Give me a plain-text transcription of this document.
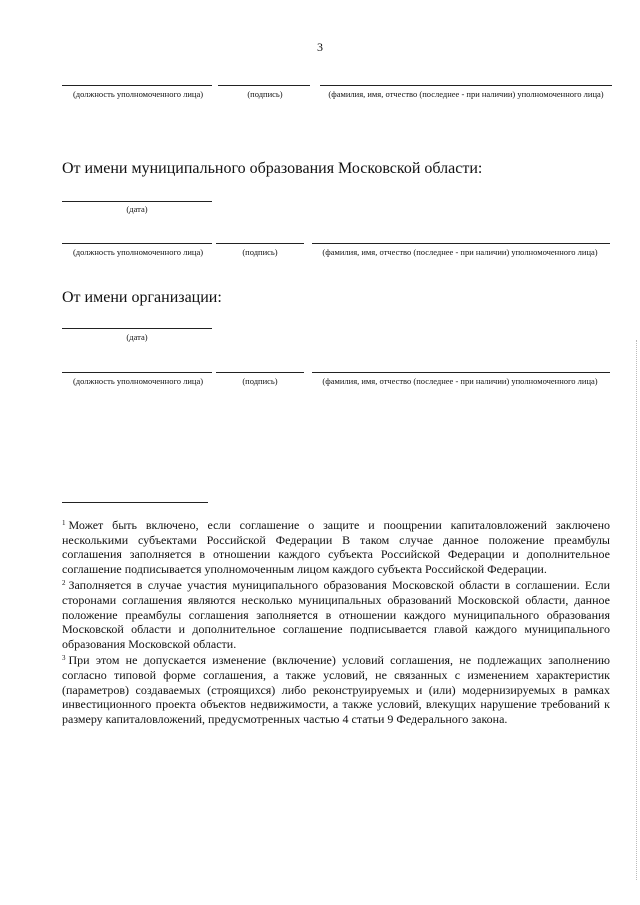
3
(должность уполномоченного лица)	(подпись)	(фамилия, имя, отчество (последнее - при наличии) уполномоченного лица)
От имени муниципального образования Московской области:
(дата)
(должность уполномоченного лица)	(подпись)	(фамилия, имя, отчество (последнее - при наличии) уполномоченного лица)
От имени организации:
(дата)
(должность уполномоченного лица)	(подпись)	(фамилия, имя, отчество (последнее - при наличии) уполномоченного лица)

$^1$ Может быть включено, если соглашение о защите и поощрении капиталовложений заключено несколькими субъектами Российской Федерации В таком случае данное положение преамбулы соглашения заполняется в отношении каждого субъекта Российской Федерации и дополнительное соглашение подписывается уполномоченным лицом каждого субъекта Российской Федерации.

$^2$ Заполняется в случае участия муниципального образования Московской области в соглашении. Если сторонами соглашения являются несколько муниципальных образований Московской области, данное положение преамбулы соглашения заполняется в отношении каждого муниципального образования Московской области и дополнительное соглашение подписывается главой каждого муниципального образования Московской области.

$^3$ При этом не допускается изменение (включение) условий соглашения, не подлежащих заполнению согласно типовой форме соглашения, а также условий, не связанных с изменением характеристик (параметров) создаваемых (строящихся) либо реконструируемых и (или) модернизируемых в рамках инвестиционного проекта объектов недвижимости, а также условий, влекущих нарушение требований к размеру капиталовложений, предусмотренных частью 4 статьи 9 Федерального закона.
